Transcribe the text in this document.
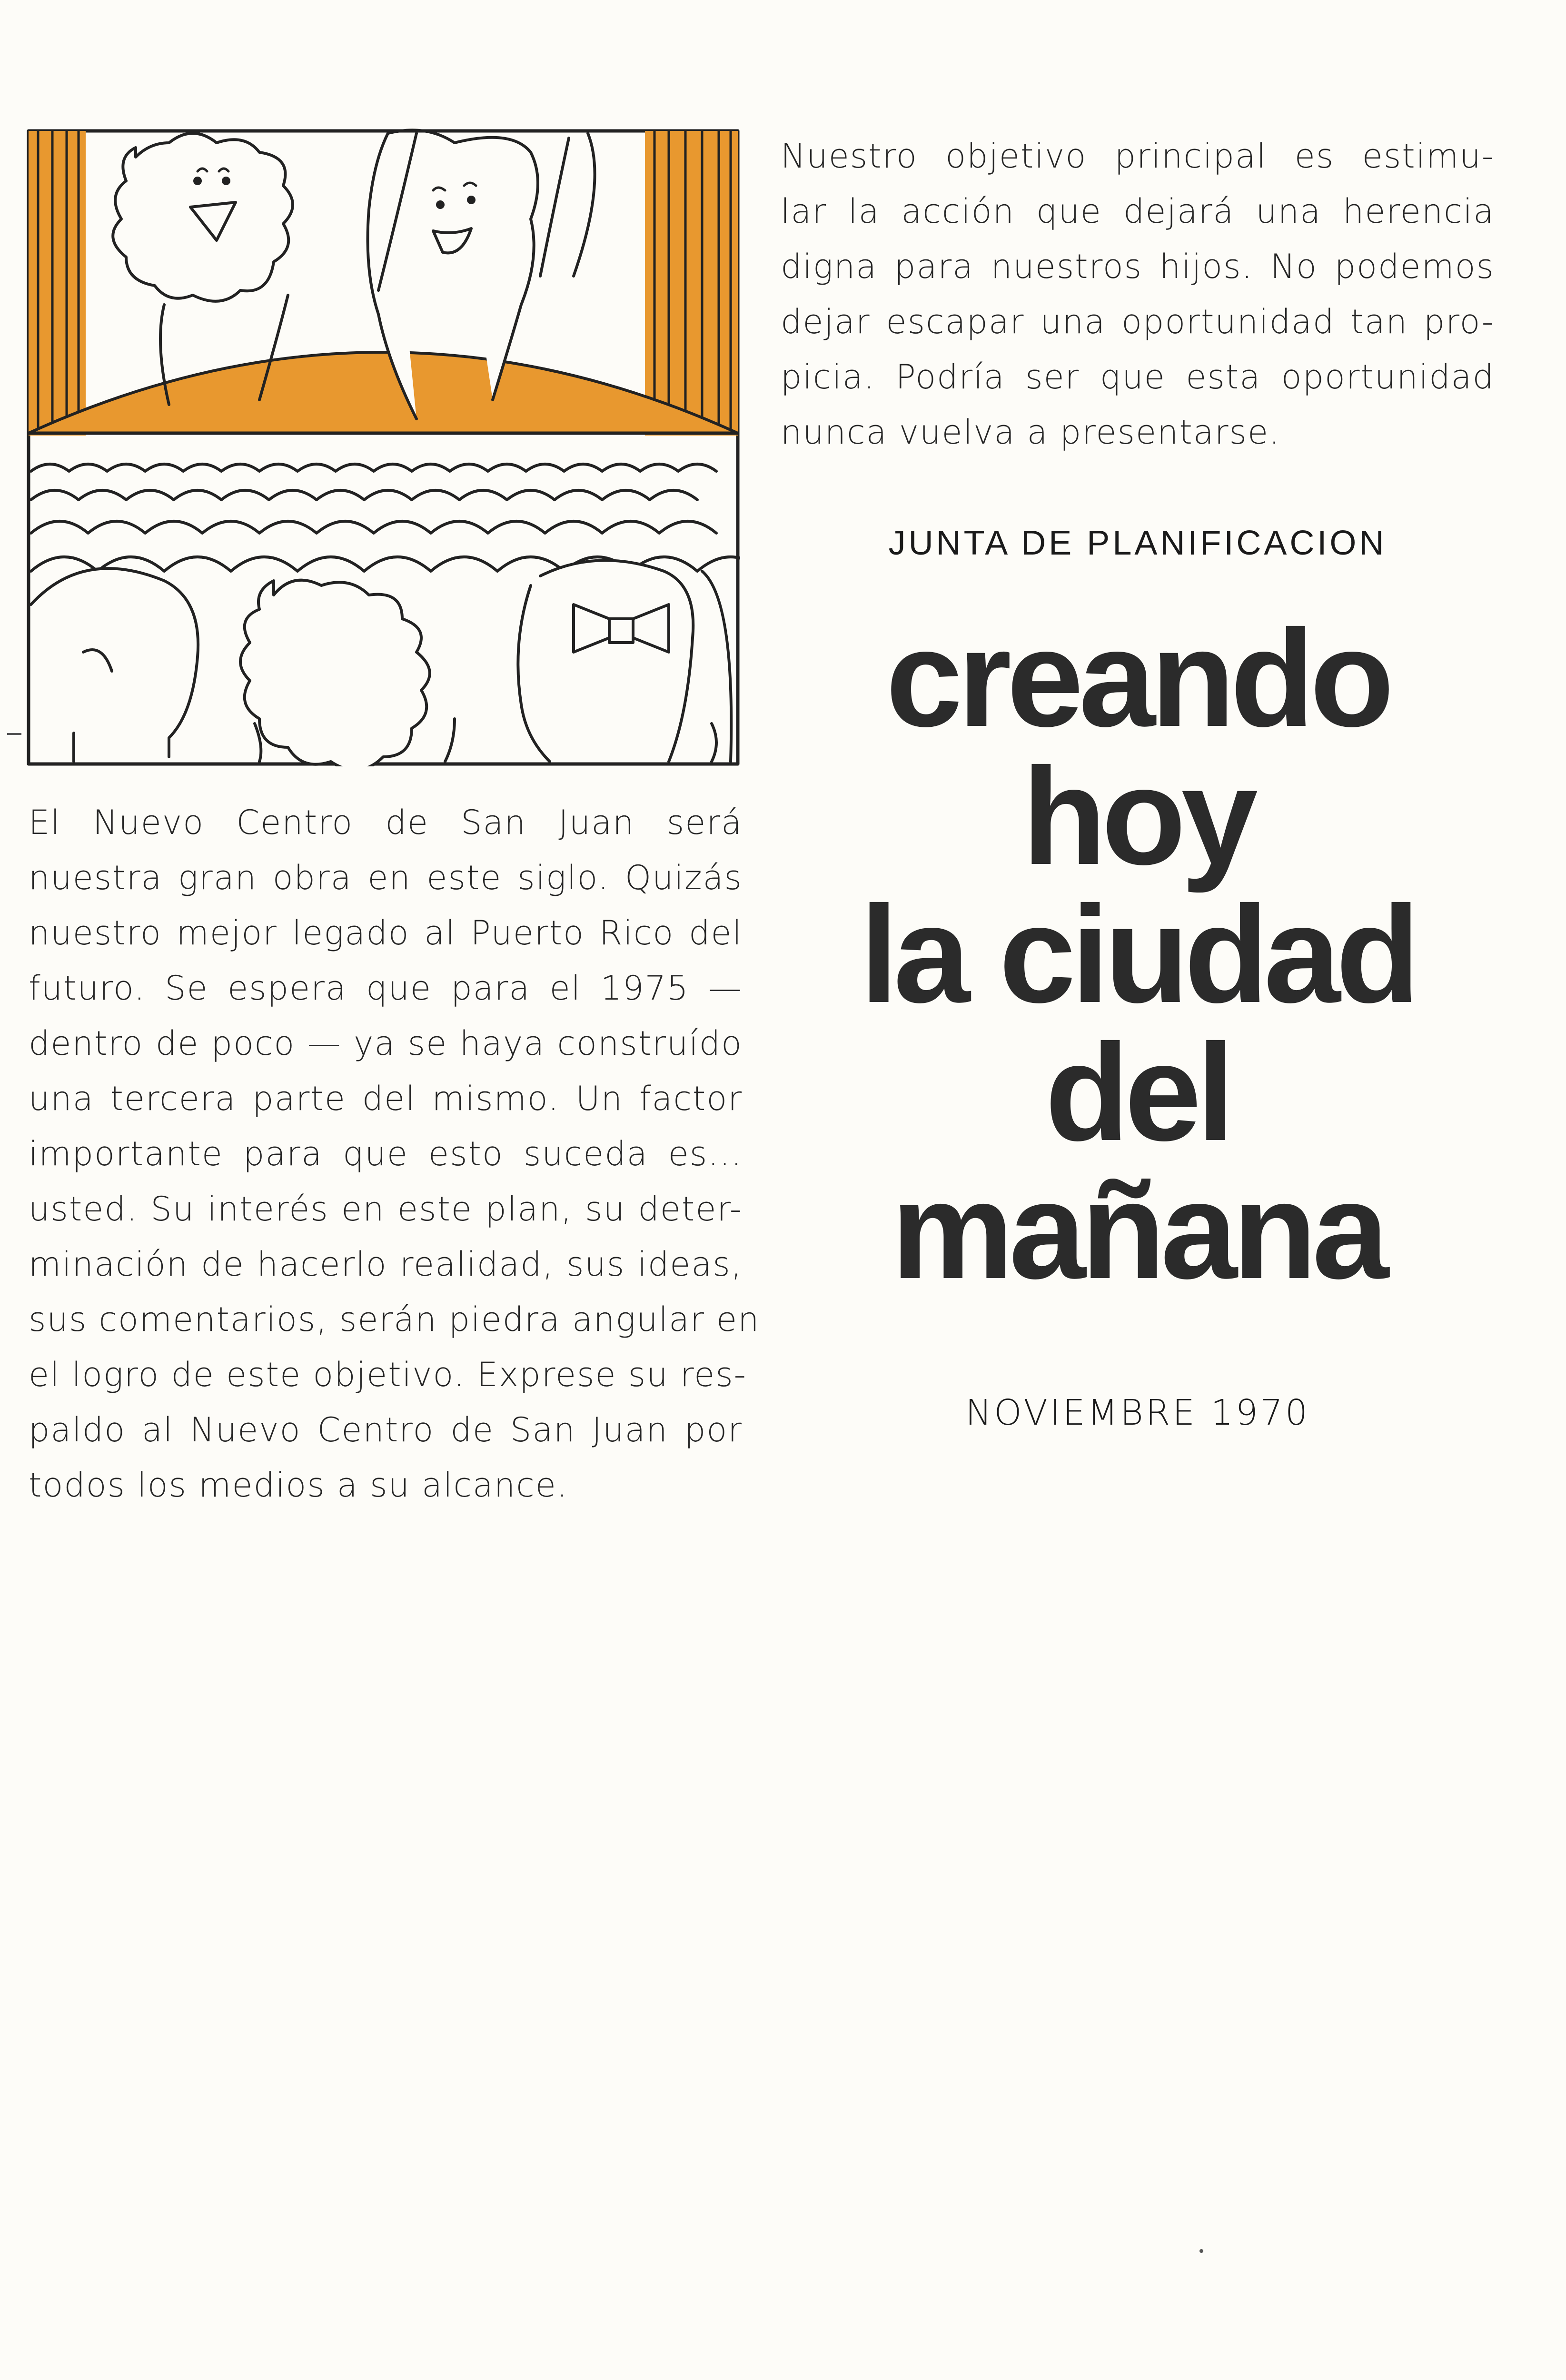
El Nuevo Centro de San Juan será
nuestra gran obra en este siglo. Quizás
nuestro mejor legado al Puerto Rico del
futuro. Se espera que para el 1975 —
dentro de poco — ya se haya construído
una tercera parte del mismo. Un factor
importante para que esto suceda es...
usted. Su interés en este plan, su deter-
minación de hacerlo realidad, sus ideas,
sus comentarios, serán piedra angular en
el logro de este objetivo. Exprese su res-
paldo al Nuevo Centro de San Juan por
todos los medios a su alcance.
Nuestro objetivo principal es estimu-
lar la acción que dejará una herencia
digna para nuestros hijos. No podemos
dejar escapar una oportunidad tan pro-
picia. Podría ser que esta oportunidad
nunca vuelva a presentarse.
JUNTA DE PLANIFICACION
creando
hoy
la ciudad
del
mañana
NOVIEMBRE 1970
